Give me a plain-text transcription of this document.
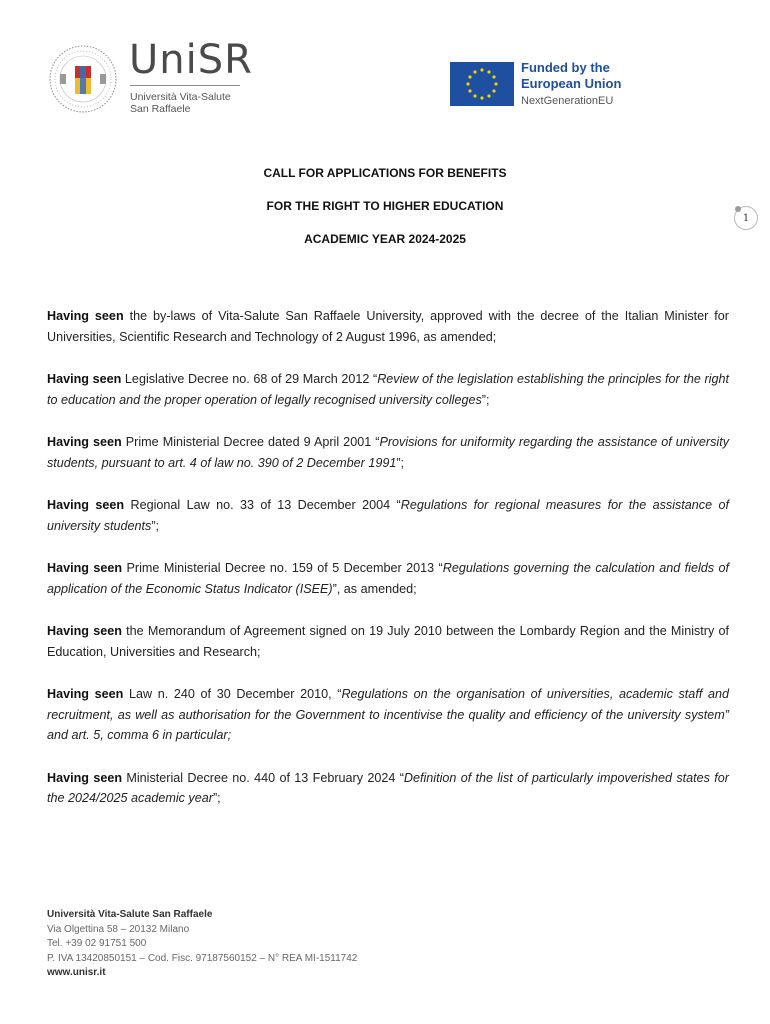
UniSR
Università Vita-Salute
San Raffaele
Funded by the
European Union
NextGenerationEU
1
CALL FOR APPLICATIONS FOR BENEFITS
FOR THE RIGHT TO HIGHER EDUCATION
ACADEMIC YEAR 2024-2025

Having seen the by-laws of Vita-Salute San Raffaele University, approved with the decree of the Italian Minister for Universities, Scientific Research and Technology of 2 August 1996, as amended;

Having seen Legislative Decree no. 68 of 29 March 2012 “Review of the legislation establishing the principles for the right to education and the proper operation of legally recognised university colleges”;

Having seen Prime Ministerial Decree dated 9 April 2001 “Provisions for uniformity regarding the assistance of university students, pursuant to art. 4 of law no. 390 of 2 December 1991”;

Having seen Regional Law no. 33 of 13 December 2004 “Regulations for regional measures for the assistance of university students”;

Having seen Prime Ministerial Decree no. 159 of 5 December 2013 “Regulations governing the calculation and fields of application of the Economic Status Indicator (ISEE)”, as amended;

Having seen the Memorandum of Agreement signed on 19 July 2010 between the Lombardy Region and the Ministry of Education, Universities and Research;

Having seen Law n. 240 of 30 December 2010, “Regulations on the organisation of universities, academic staff and recruitment, as well as authorisation for the Government to incentivise the quality and efficiency of the university system” and art. 5, comma 6 in particular;

Having seen Ministerial Decree no. 440 of 13 February 2024 “Definition of the list of particularly impoverished states for the 2024/2025 academic year”;

Università Vita-Salute San Raffaele
Via Olgettina 58 – 20132 Milano
Tel. +39 02 91751 500
P. IVA 13420850151 – Cod. Fisc. 97187560152 – N° REA MI-1511742
www.unisr.it
